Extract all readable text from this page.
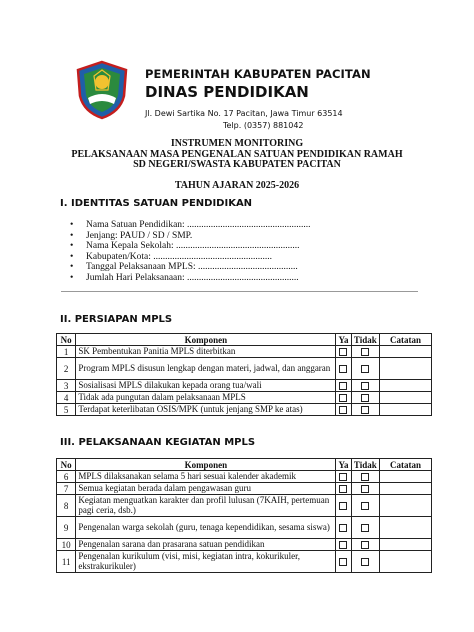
PEMERINTAH KABUPATEN PACITAN
DINAS PENDIDIKAN
Jl. Dewi Sartika No. 17 Pacitan, Jawa Timur 63514
Telp. (0357) 881042
INSTRUMEN MONITORING
PELAKSANAAN MASA PENGENALAN SATUAN PENDIDIKAN RAMAH
SD NEGERI/SWASTA KABUPATEN PACITAN
TAHUN AJARAN 2025-2026
I. IDENTITAS SATUAN PENDIDIKAN
• Nama Satuan Pendidikan: ....................................................
• Jenjang: PAUD / SD / SMP.
• Nama Kepala Sekolah: ....................................................
• Kabupaten/Kota: ..................................................
• Tanggal Pelaksanaan MPLS: ..........................................
• Jumlah Hari Pelaksanaan: ...............................................
II. PERSIAPAN MPLS
No	Komponen	Ya	Tidak	Catatan
1	SK Pembentukan Panitia MPLS diterbitkan			
2	Program MPLS disusun lengkap dengan materi, jadwal, dan anggaran			
3	Sosialisasi MPLS dilakukan kepada orang tua/wali			
4	Tidak ada pungutan dalam pelaksanaan MPLS			
5	Terdapat keterlibatan OSIS/MPK (untuk jenjang SMP ke atas)			
III. PELAKSANAAN KEGIATAN MPLS
No	Komponen	Ya	Tidak	Catatan
6	MPLS dilaksanakan selama 5 hari sesuai kalender akademik			
7	Semua kegiatan berada dalam pengawasan guru			
8	Kegiatan menguatkan karakter dan profil lulusan (7KAIH, pertemuan pagi ceria, dsb.)			
9	Pengenalan warga sekolah (guru, tenaga kependidikan, sesama siswa)			
10	Pengenalan sarana dan prasarana satuan pendidikan			
11	Pengenalan kurikulum (visi, misi, kegiatan intra, kokurikuler, ekstrakurikuler)			
